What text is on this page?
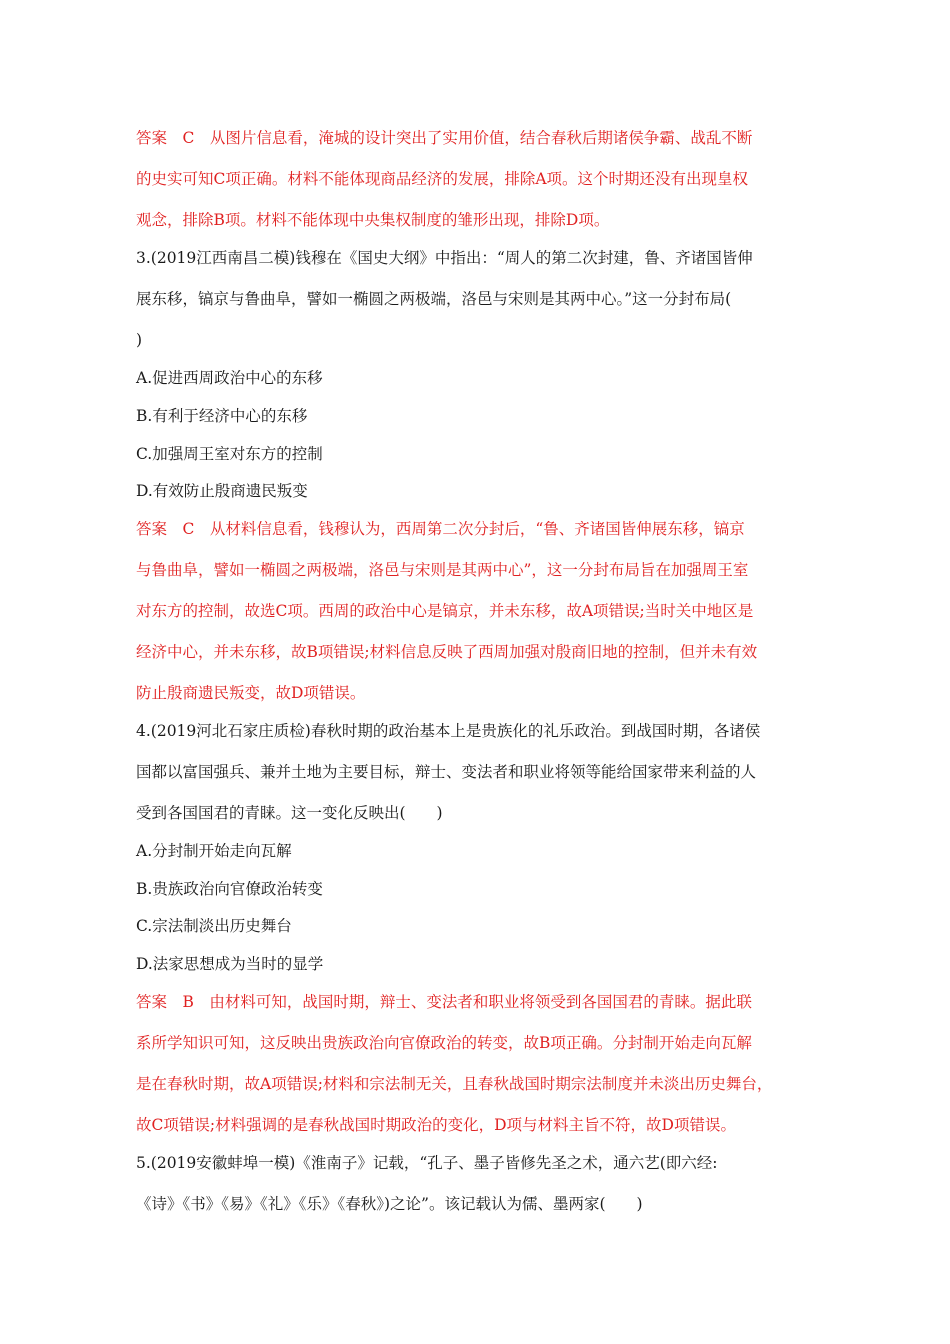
答案　C　从图片信息看，淹城的设计突出了实用价值，结合春秋后期诸侯争霸、战乱不断
的史实可知C项正确。材料不能体现商品经济的发展，排除A项。这个时期还没有出现皇权
观念，排除B项。材料不能体现中央集权制度的雏形出现，排除D项。
3.(2019江西南昌二模)钱穆在《国史大纲》中指出：“周人的第二次封建，鲁、齐诸国皆伸
展东移，镐京与鲁曲阜，譬如一椭圆之两极端，洛邑与宋则是其两中心。”这一分封布局(
)
A.促进西周政治中心的东移
B.有利于经济中心的东移
C.加强周王室对东方的控制
D.有效防止殷商遗民叛变
答案　C　从材料信息看，钱穆认为，西周第二次分封后，“鲁、齐诸国皆伸展东移，镐京
与鲁曲阜，譬如一椭圆之两极端，洛邑与宋则是其两中心”，这一分封布局旨在加强周王室
对东方的控制，故选C项。西周的政治中心是镐京，并未东移，故A项错误;当时关中地区是
经济中心，并未东移，故B项错误;材料信息反映了西周加强对殷商旧地的控制，但并未有效
防止殷商遗民叛变，故D项错误。
4.(2019河北石家庄质检)春秋时期的政治基本上是贵族化的礼乐政治。到战国时期，各诸侯
国都以富国强兵、兼并土地为主要目标，辩士、变法者和职业将领等能给国家带来利益的人
受到各国国君的青睐。这一变化反映出(　　)
A.分封制开始走向瓦解
B.贵族政治向官僚政治转变
C.宗法制淡出历史舞台
D.法家思想成为当时的显学
答案　B　由材料可知，战国时期，辩士、变法者和职业将领受到各国国君的青睐。据此联
系所学知识可知，这反映出贵族政治向官僚政治的转变，故B项正确。分封制开始走向瓦解
是在春秋时期，故A项错误;材料和宗法制无关，且春秋战国时期宗法制度并未淡出历史舞台，
故C项错误;材料强调的是春秋战国时期政治的变化，D项与材料主旨不符，故D项错误。
5.(2019安徽蚌埠一模)《淮南子》记载，“孔子、墨子皆修先圣之术，通六艺(即六经:
《诗》《书》《易》《礼》《乐》《春秋》)之论”。该记载认为儒、墨两家(　　)
